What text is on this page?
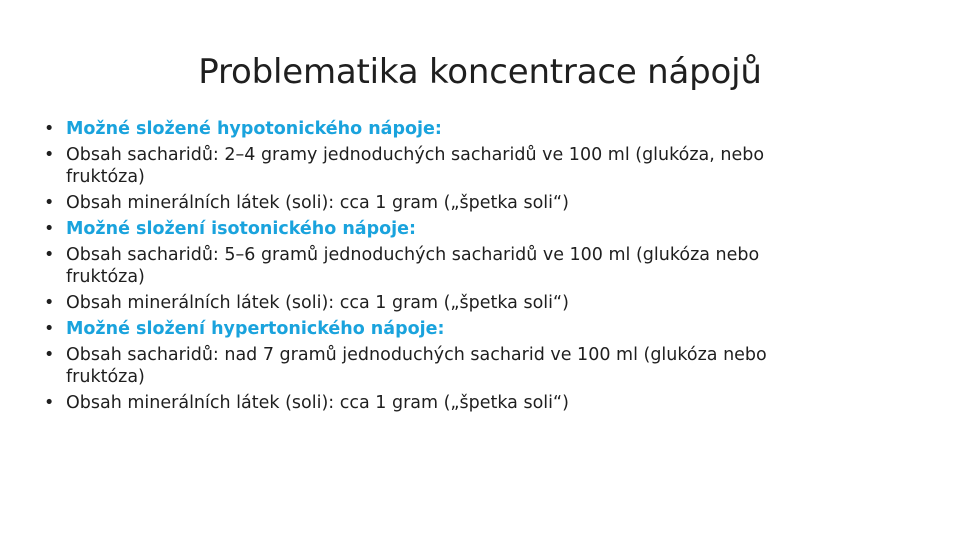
Problematika koncentrace nápojů
• Možné složené hypotonického nápoje:
• Obsah sacharidů: 2–4 gramy jednoduchých sacharidů ve 100 ml (glukóza, nebo fruktóza)
• Obsah minerálních látek (soli): cca 1 gram („špetka soli“)
• Možné složení isotonického nápoje:
• Obsah sacharidů: 5–6 gramů jednoduchých sacharidů ve 100 ml (glukóza nebo fruktóza)
• Obsah minerálních látek (soli): cca 1 gram („špetka soli“)
• Možné složení hypertonického nápoje:
• Obsah sacharidů: nad 7 gramů jednoduchých sacharid ve 100 ml (glukóza nebo fruktóza)
• Obsah minerálních látek (soli): cca 1 gram („špetka soli“)
